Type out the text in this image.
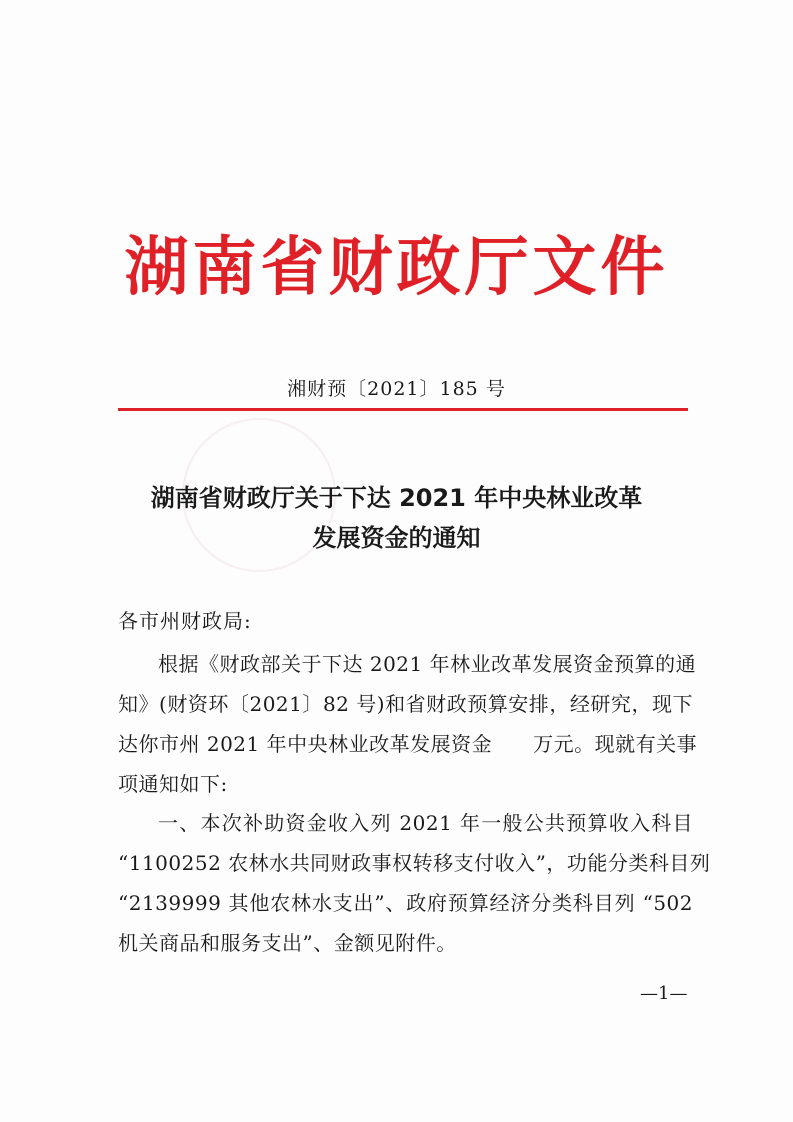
湖南省财政厅文件
湘财预〔2021〕185 号
湖南省财政厅关于下达 2021 年中央林业改革
发展资金的通知
各市州财政局:
根据《财政部关于下达 2021 年林业改革发展资金预算的通
知》(财资环〔2021〕82 号)和省财政预算安排，经研究，现下
达你市州 2021 年中央林业改革发展资金　　万元。现就有关事
项通知如下:
一、本次补助资金收入列 2021 年一般公共预算收入科目
“1100252 农林水共同财政事权转移支付收入”，功能分类科目列
“2139999 其他农林水支出”、政府预算经济分类科目列 “502
机关商品和服务支出”、金额见附件。
—1—
